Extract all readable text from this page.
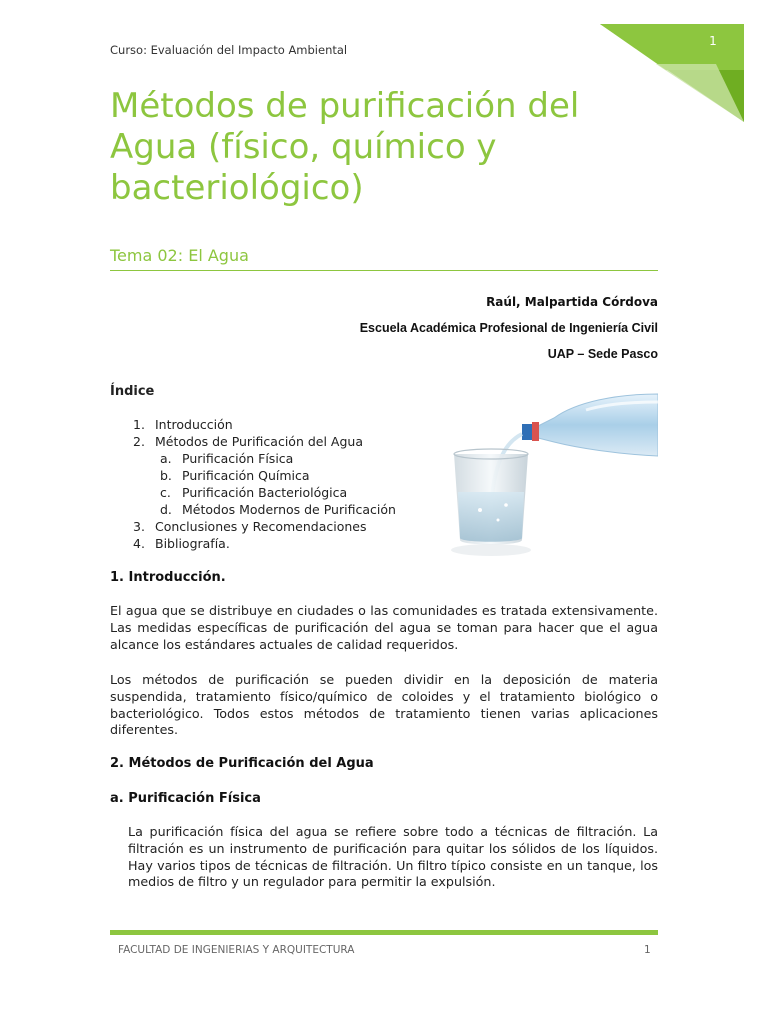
1
Curso: Evaluación del Impacto Ambiental
Métodos de purificación del Agua (físico, químico y bacteriológico)
Tema 02: El Agua
Raúl, Malpartida Córdova
Escuela Académica Profesional de Ingeniería Civil
UAP – Sede Pasco
Índice
1. Introducción
2. Métodos de Purificación del Agua
a. Purificación Física
b. Purificación Química
c. Purificación Bacteriológica
d. Métodos Modernos de Purificación
3. Conclusiones y Recomendaciones
4. Bibliografía.
1. Introducción.

El agua que se distribuye en ciudades o las comunidades es tratada extensivamente. Las medidas específicas de purificación del agua se toman para hacer que el agua alcance los estándares actuales de calidad requeridos.

Los métodos de purificación se pueden dividir en la deposición de materia suspendida, tratamiento físico/químico de coloides y el tratamiento biológico o bacteriológico. Todos estos métodos de tratamiento tienen varias aplicaciones diferentes.

2. Métodos de Purificación del Agua
a. Purificación Física

La purificación física del agua se refiere sobre todo a técnicas de filtración. La filtración es un instrumento de purificación para quitar los sólidos de los líquidos. Hay varios tipos de técnicas de filtración. Un filtro típico consiste en un tanque, los medios de filtro y un regulador para permitir la expulsión.

FACULTAD DE INGENIERIAS Y ARQUITECTURA	1
